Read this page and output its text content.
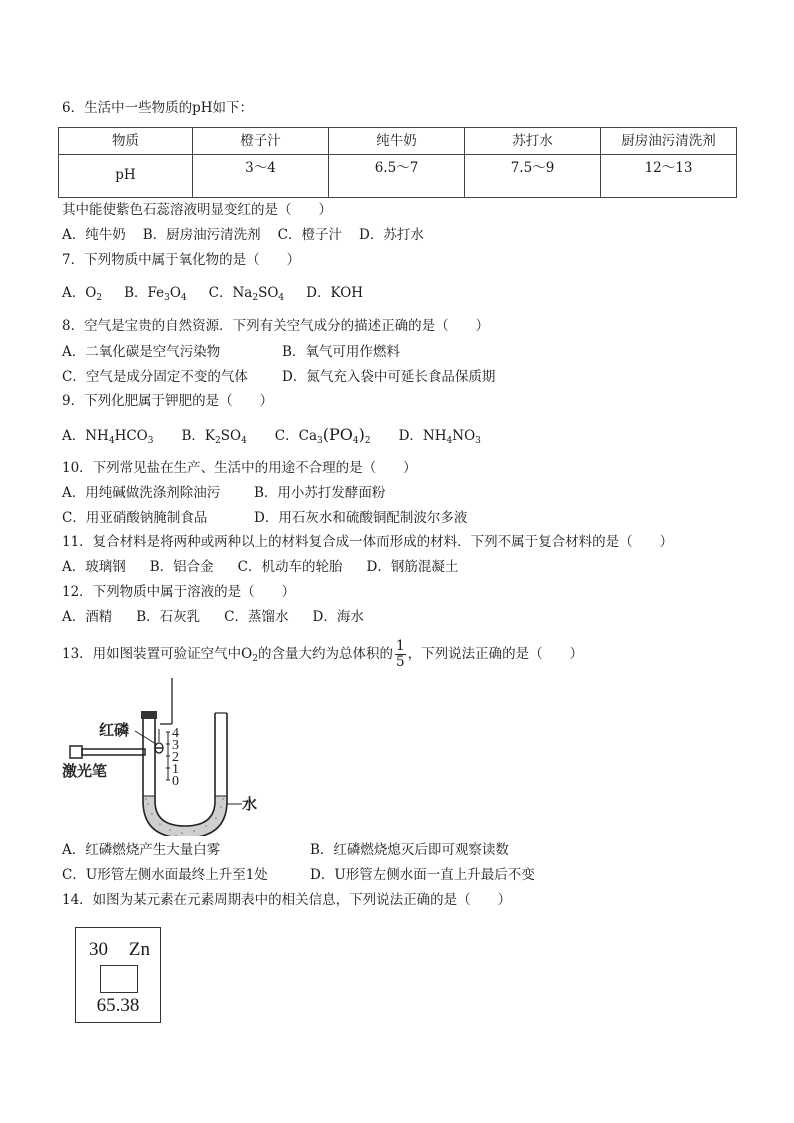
6．生活中一些物质的pH如下：
物质	橙子汁	纯牛奶	苏打水	厨房油污清洗剂
pH	3～4	6.5～7	7.5～9	12～13
其中能使紫色石蕊溶液明显变红的是（　　）
A．纯牛奶 B．厨房油污清洗剂 C．橙子汁 D．苏打水
7．下列物质中属于氧化物的是（　　）
A．$O_2$ B．$Fe_3O_4$ C．$Na_2SO_4$ D．KOH
8．空气是宝贵的自然资源．下列有关空气成分的描述正确的是（　　）
A．二氧化碳是空气污染物	B．氧气可用作燃料
C．空气是成分固定不变的气体	D．氮气充入袋中可延长食品保质期
9．下列化肥属于钾肥的是（　　）
A．$NH_4HCO_3$ B．$K_2SO_4$ C．$Ca_3(PO_4)_2$ D．$NH_4NO_3$
10．下列常见盐在生产、生活中的用途不合理的是（　　）
A．用纯碱做洗涤剂除油污	B．用小苏打发酵面粉
C．用亚硝酸钠腌制食品	D．用石灰水和硫酸铜配制波尔多液
11．复合材料是将两种或两种以上的材料复合成一体而形成的材料．下列不属于复合材料的是（　　）
A．玻璃钢 B．铝合金 C．机动车的轮胎 D．钢筋混凝土
12．下列物质中属于溶液的是（　　）
A．酒精 B．石灰乳 C．蒸馏水 D．海水
13．用如图装置可验证空气中$O_2$的含量大约为总体积的 $\frac{1}{5}$ ，下列说法正确的是（　　）
红磷
激光笔
水
4
3
2
1
0
A．红磷燃烧产生大量白雾	B．红磷燃烧熄灭后即可观察读数
C．U形管左侧水面最终上升至1处	D．U形管左侧水面一直上升最后不变
14．如图为某元素在元素周期表中的相关信息，下列说法正确的是（　　）
30 Zn
65.38
